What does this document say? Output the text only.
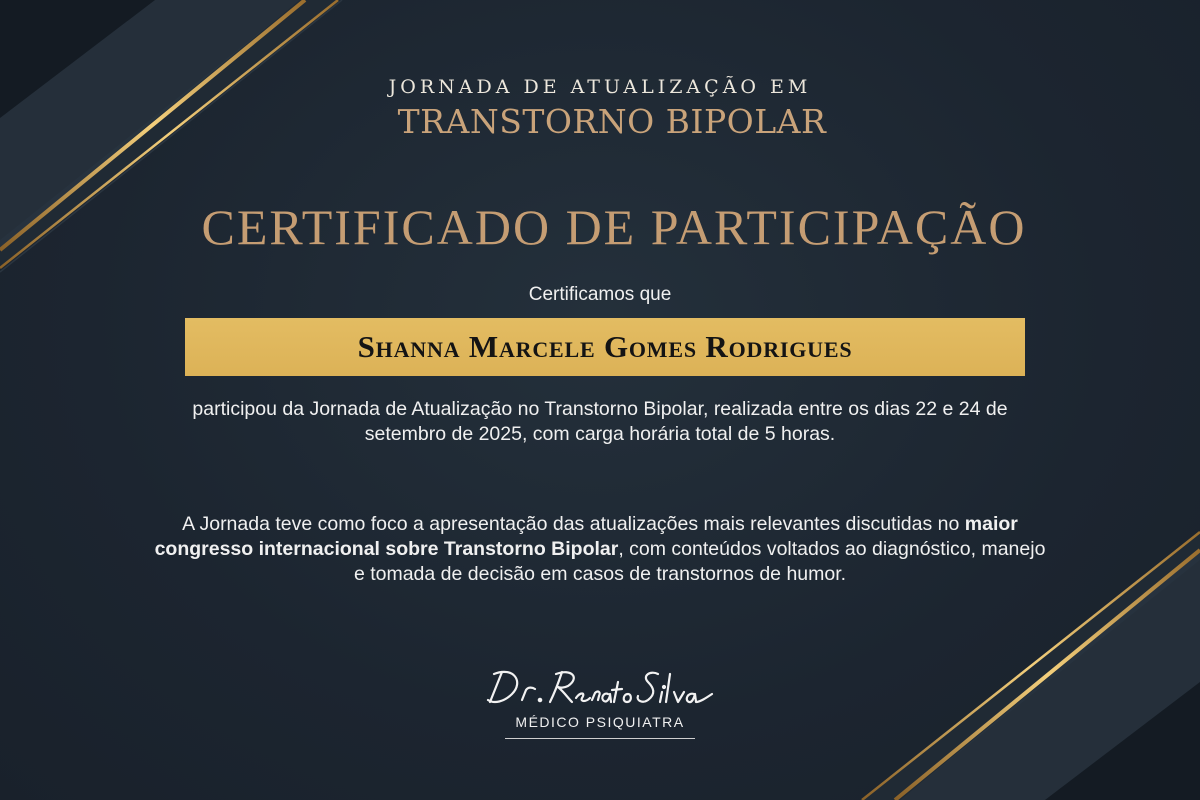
JORNADA DE ATUALIZAÇÃO EM
TRANSTORNO BIPOLAR
CERTIFICADO DE PARTICIPAÇÃO
Certificamos que
Shanna Marcele Gomes Rodrigues
participou da Jornada de Atualização no Transtorno Bipolar, realizada entre os dias 22 e 24 de setembro de 2025, com carga horária total de 5 horas.
A Jornada teve como foco a apresentação das atualizações mais relevantes discutidas no maior congresso internacional sobre Transtorno Bipolar, com conteúdos voltados ao diagnóstico, manejo e tomada de decisão em casos de transtornos de humor.
MÉDICO PSIQUIATRA
